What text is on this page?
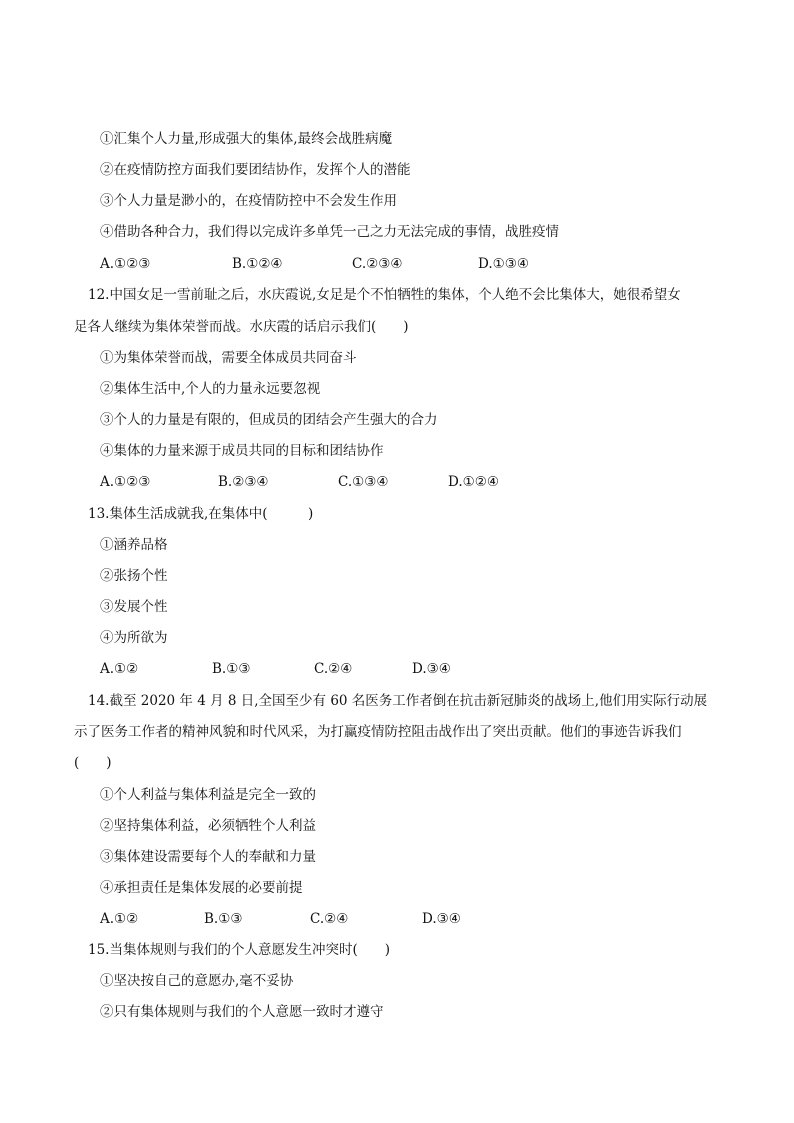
①汇集个人力量,形成强大的集体,最终会战胜病魔
②在疫情防控方面我们要团结协作，发挥个人的潜能
③个人力量是渺小的，在疫情防控中不会发生作用
④借助各种合力，我们得以完成许多单凭一己之力无法完成的事情，战胜疫情
A.①②③	B.①②④	C.②③④	D.①③④
12.中国女足一雪前耻之后，水庆霞说,女足是个不怕牺牲的集体，个人绝不会比集体大，她很希望女
足各人继续为集体荣誉而战。水庆霞的话启示我们(　　)
①为集体荣誉而战，需要全体成员共同奋斗
②集体生活中,个人的力量永远要忽视
③个人的力量是有限的，但成员的团结会产生强大的合力
④集体的力量来源于成员共同的目标和团结协作
A.①②③	B.②③④	C.①③④	D.①②④
13.集体生活成就我,在集体中(　　　)
①涵养品格
②张扬个性
③发展个性
④为所欲为
A.①②	B.①③	C.②④	D.③④
14.截至 2020 年 4 月 8 日,全国至少有 60 名医务工作者倒在抗击新冠肺炎的战场上,他们用实际行动展
示了医务工作者的精神风貌和时代风采，为打赢疫情防控阻击战作出了突出贡献。他们的事迹告诉我们
(　　)
①个人利益与集体利益是完全一致的
②坚持集体利益，必须牺牲个人利益
③集体建设需要每个人的奉献和力量
④承担责任是集体发展的必要前提
A.①②	B.①③	C.②④	D.③④
15.当集体规则与我们的个人意愿发生冲突时(　　)
①坚决按自己的意愿办,毫不妥协
②只有集体规则与我们的个人意愿一致时才遵守
